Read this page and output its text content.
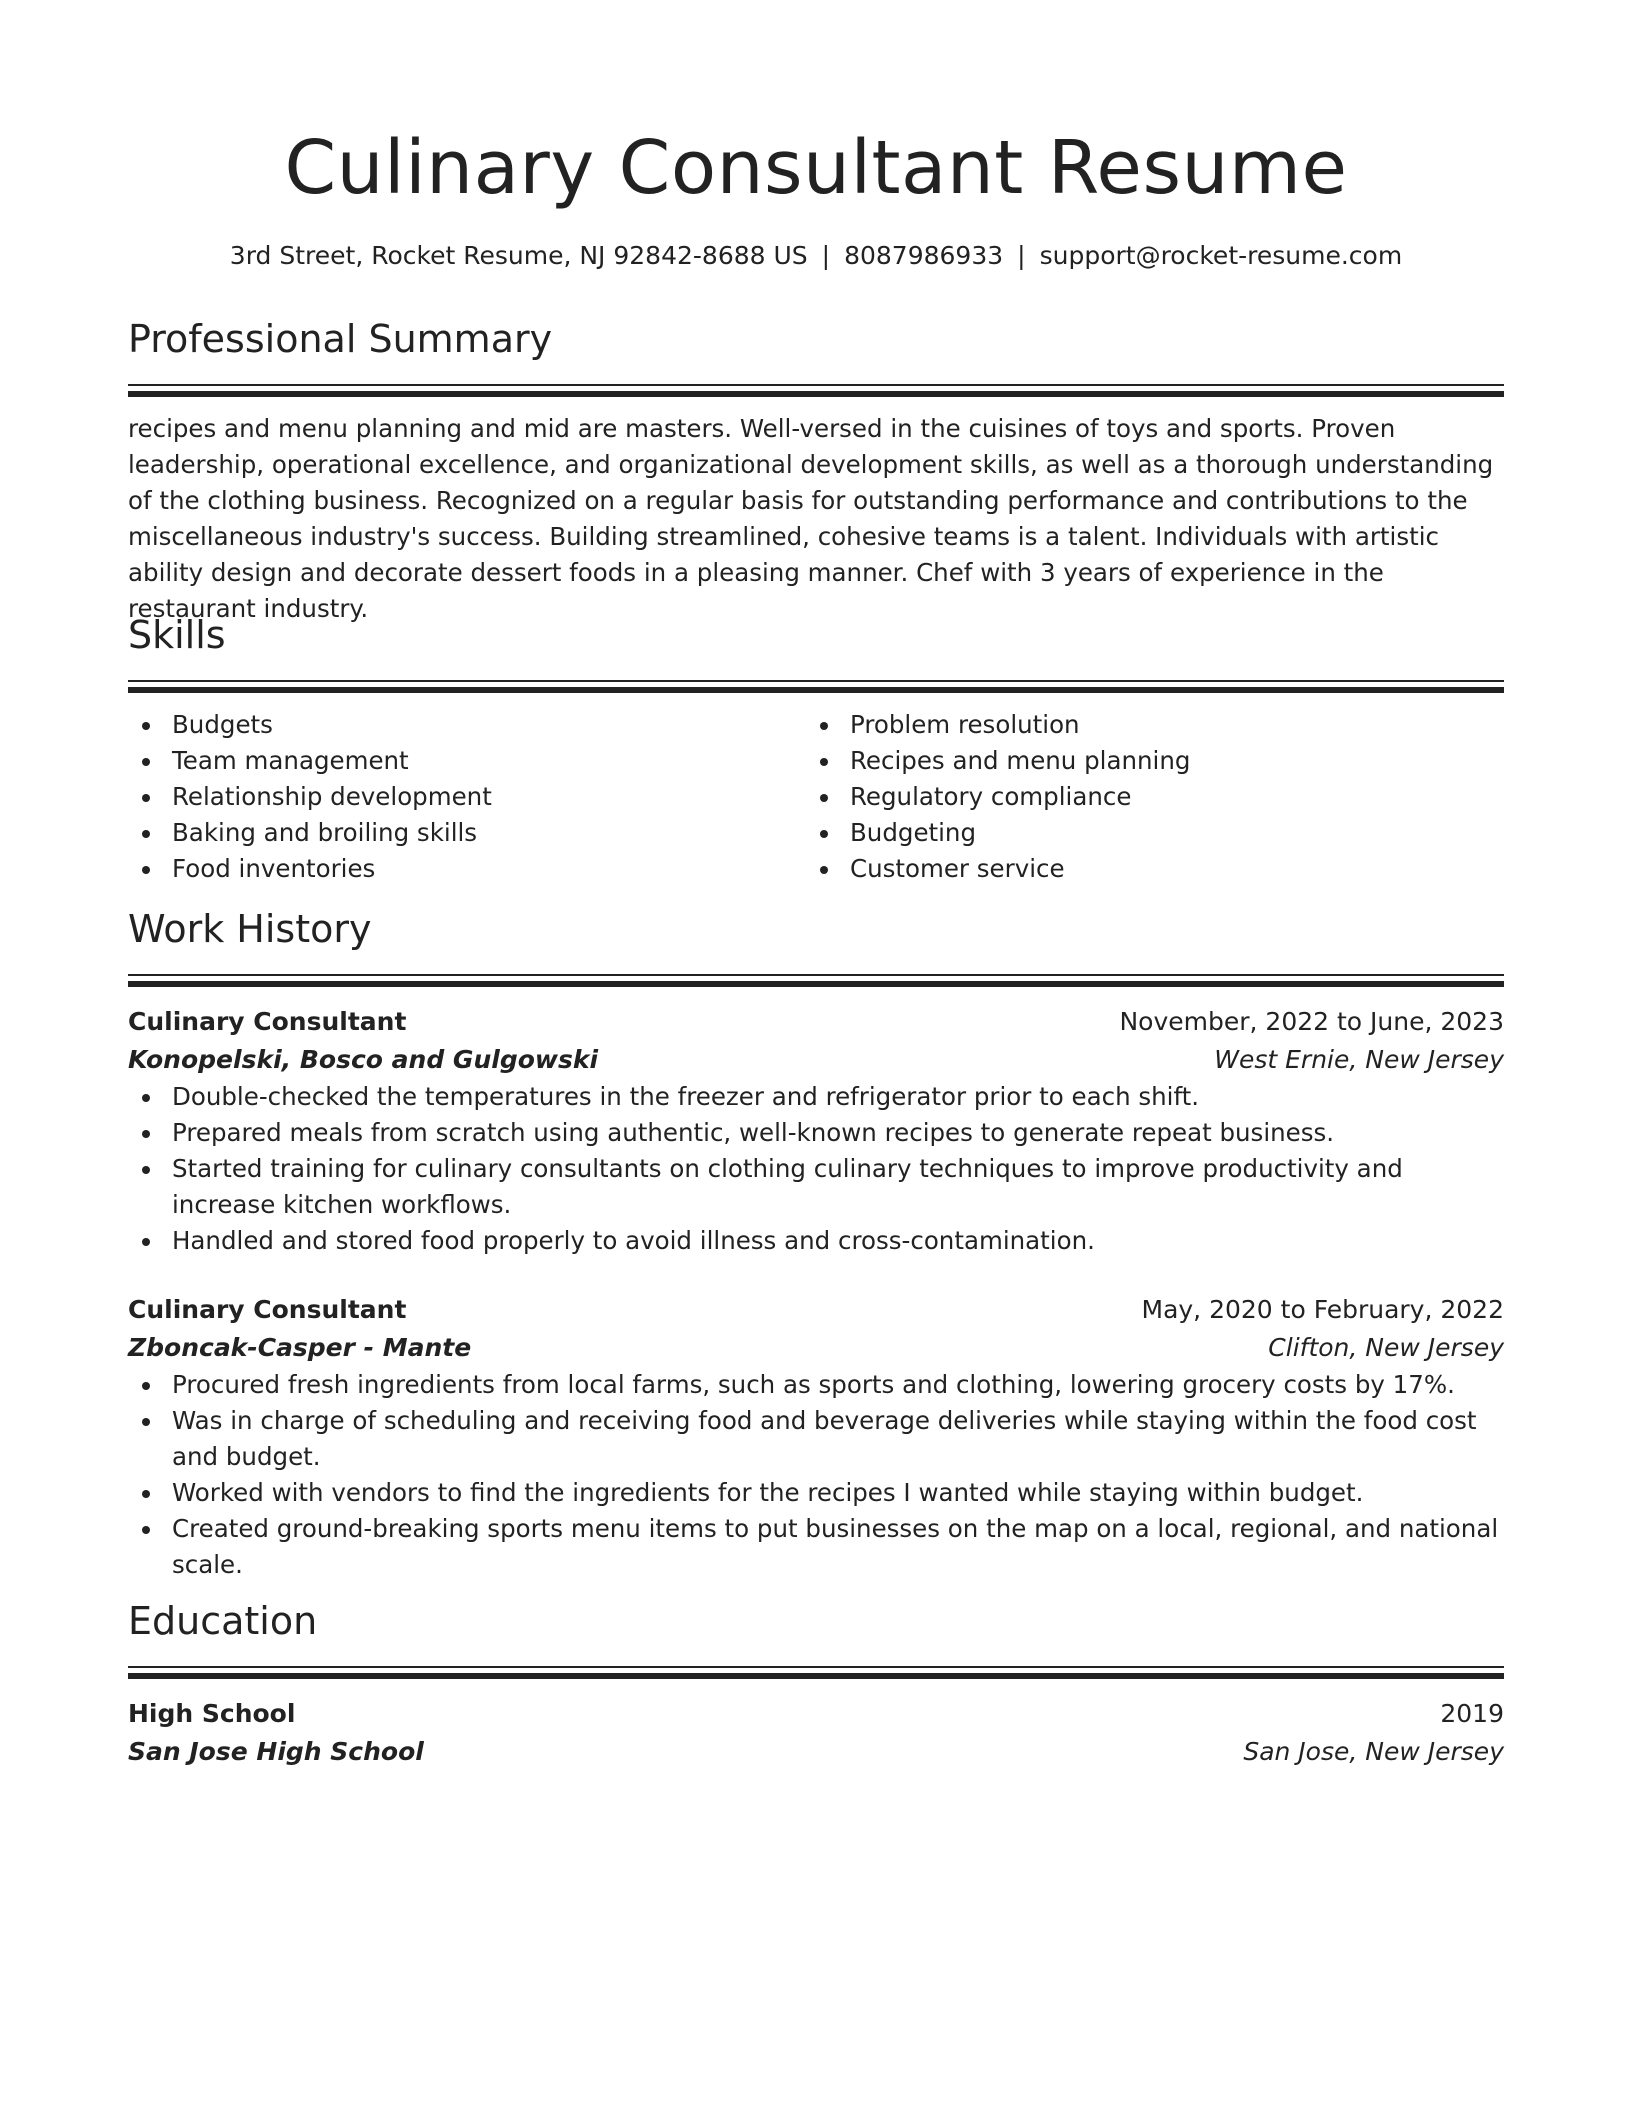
Culinary Consultant Resume
3rd Street, Rocket Resume, NJ 92842-8688 US | 8087986933 | support@rocket-resume.com
Professional Summary

recipes and menu planning and mid are masters. Well-versed in the cuisines of toys and sports. Proven leadership, operational excellence, and organizational development skills, as well as a thorough understanding of the clothing business. Recognized on a regular basis for outstanding performance and contributions to the miscellaneous industry's success. Building streamlined, cohesive teams is a talent. Individuals with artistic ability design and decorate dessert foods in a pleasing manner. Chef with 3 years of experience in the restaurant industry.

Skills
Budgets
Team management
Relationship development
Baking and broiling skills
Food inventories
Problem resolution
Recipes and menu planning
Regulatory compliance
Budgeting
Customer service
Work History
Culinary Consultant	November, 2022 to June, 2023
Konopelski, Bosco and Gulgowski	West Ernie, New Jersey
Double-checked the temperatures in the freezer and refrigerator prior to each shift.
Prepared meals from scratch using authentic, well-known recipes to generate repeat business.
Started training for culinary consultants on clothing culinary techniques to improve productivity and increase kitchen workflows.
Handled and stored food properly to avoid illness and cross-contamination.
Culinary Consultant	May, 2020 to February, 2022
Zboncak-Casper - Mante	Clifton, New Jersey
Procured fresh ingredients from local farms, such as sports and clothing, lowering grocery costs by 17%.
Was in charge of scheduling and receiving food and beverage deliveries while staying within the food cost and budget.
Worked with vendors to find the ingredients for the recipes I wanted while staying within budget.
Created ground-breaking sports menu items to put businesses on the map on a local, regional, and national scale.
Education
High School	2019
San Jose High School	San Jose, New Jersey
